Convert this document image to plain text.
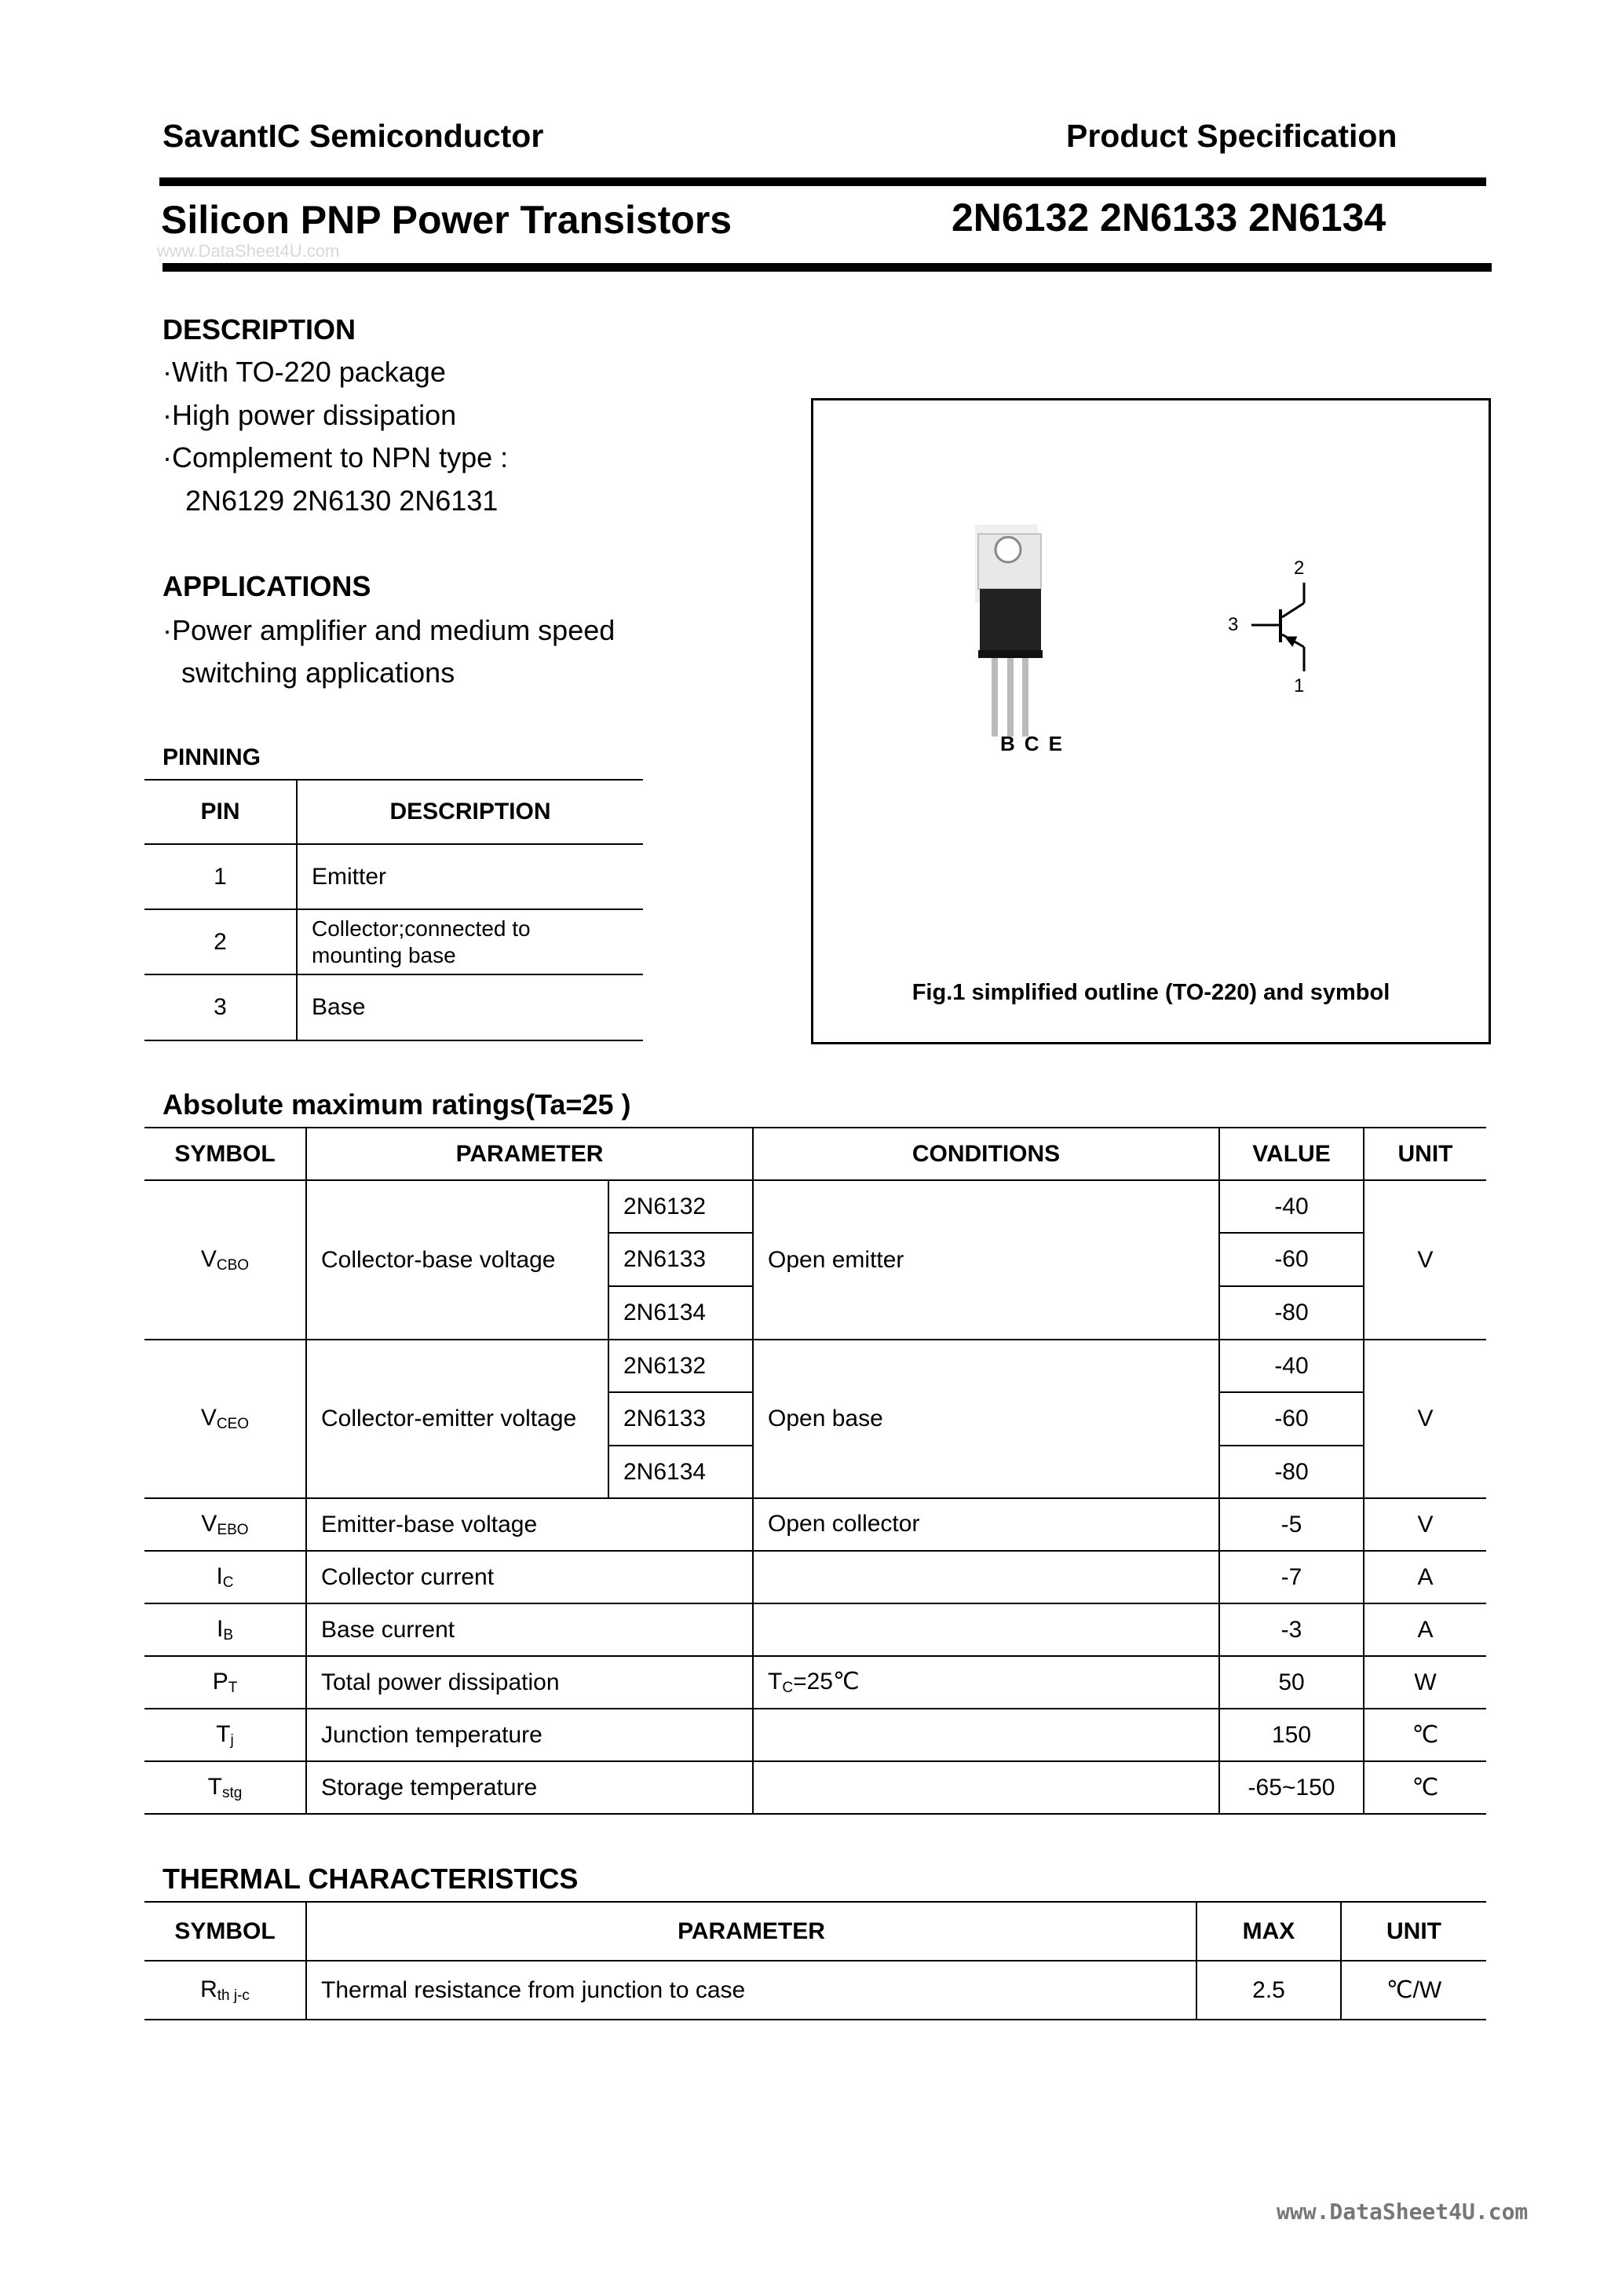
SavantIC Semiconductor	Product Specification
Silicon PNP Power Transistors	2N6132 2N6133 2N6134
www.DataSheet4U.com
DESCRIPTION
·With TO-220 package
·High power dissipation
·Complement to NPN type :
2N6129 2N6130 2N6131
APPLICATIONS
·Power amplifier and medium speed
switching applications
PINNING
PIN	DESCRIPTION
1	Emitter
2	Collector;connected to mounting base
3	Base
BCE
2
3
1
Fig.1 simplified outline (TO-220) and symbol
Absolute maximum ratings(Ta=25 )
SYMBOL	PARAMETER		CONDITIONS	VALUE	UNIT
$V_{CBO}$	Collector-base voltage	2N6132	Open emitter	-40	V
		2N6133		-60	
		2N6134		-80	
$V_{CEO}$	Collector-emitter voltage	2N6132	Open base	-40	V
		2N6133		-60	
		2N6134		-80	
$V_{EBO}$	Emitter-base voltage		Open collector	-5	V
$I_C$	Collector current			-7	A
$I_B$	Base current			-3	A
$P_T$	Total power dissipation		$T_C=25℃$	50	W
$T_j$	Junction temperature			150	℃
$T_{stg}$	Storage temperature			-65~150	℃
THERMAL CHARACTERISTICS
SYMBOL	PARAMETER	MAX	UNIT
$R_{th j-c}$	Thermal resistance from junction to case	2.5	℃/W
www.DataSheet4U.com
